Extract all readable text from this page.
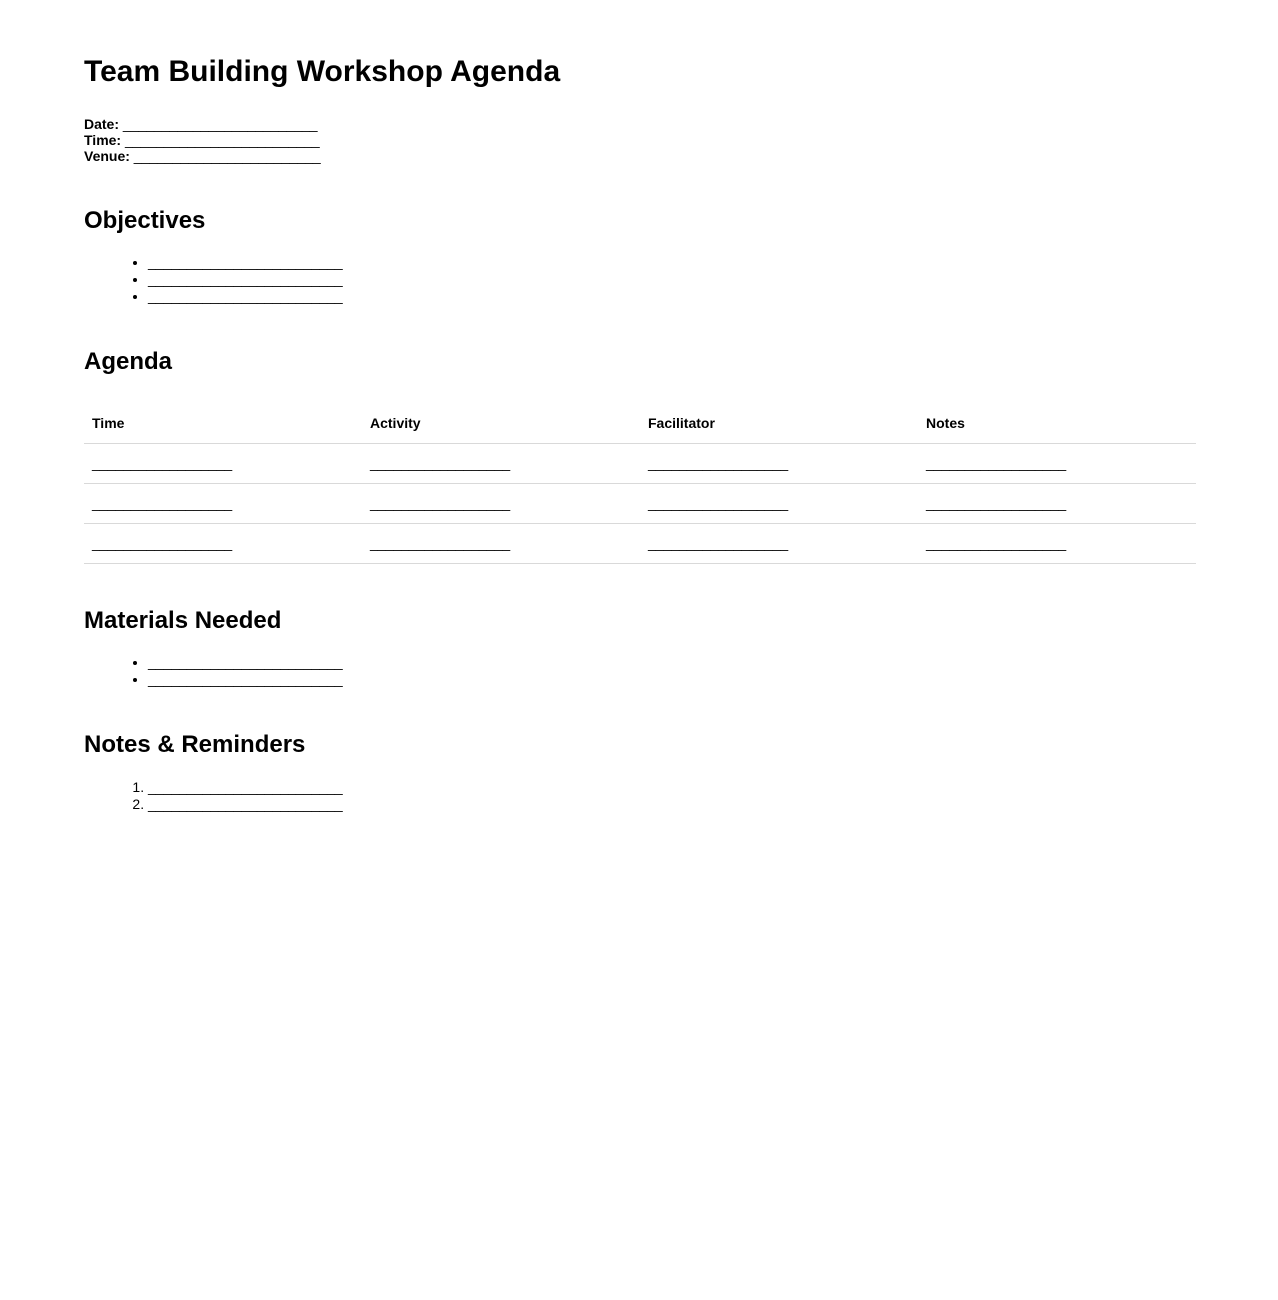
Team Building Workshop Agenda

Date: _________________________

Time: _________________________

Venue: ________________________

Objectives
• _________________________
• _________________________
• _________________________
Agenda
Time	Activity	Facilitator	Notes
__________________	__________________	__________________	__________________
__________________	__________________	__________________	__________________
__________________	__________________	__________________	__________________
Materials Needed
• _________________________
• _________________________
Notes & Reminders
1. _________________________
2. _________________________
